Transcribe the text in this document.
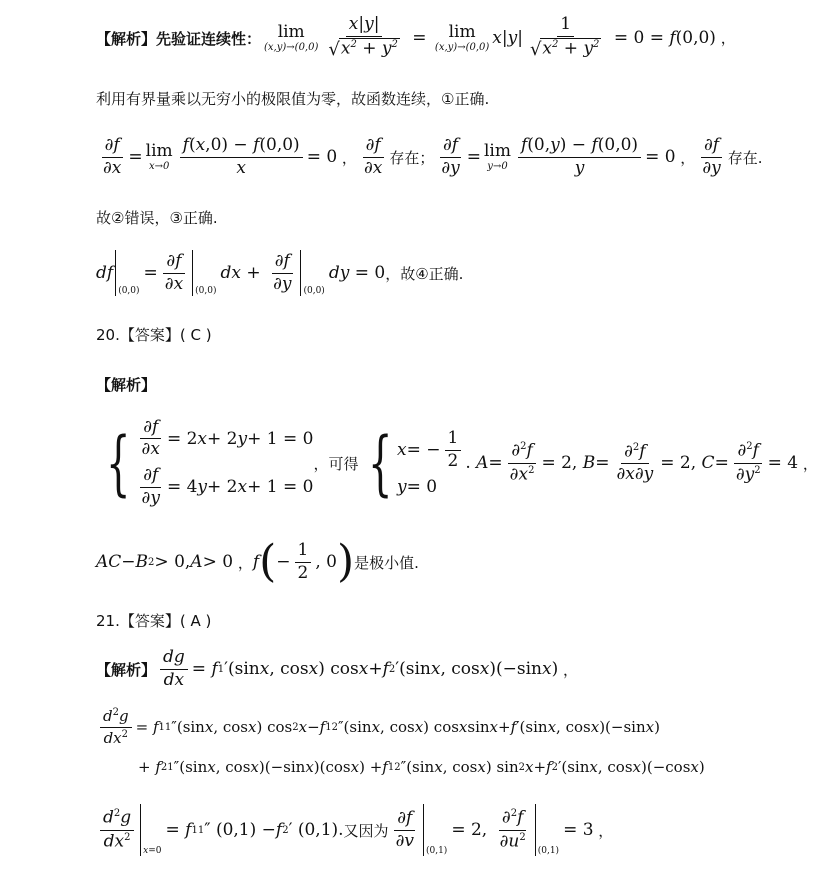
【解析】先验证连续性： lim
$(x,y)\to(0,0) \frac{x|y|}{√ x^2 + y^2} = \lim$
(x,y)→(0,0) $x|y| \frac{1}{√ x^2 + y^2} = 0 = f$ (0,0) ，
利用有界量乘以无穷小的极限值为零，故函数连续，①正确.
$\frac{\partial f}{\partial x} = \lim$
$x\to 0 \frac{f(x,0) - f(0,0)}{x} = 0$ ， $\frac{\partial f}{\partial x}$ 存在； $\frac{\partial f}{\partial y} = \lim$
$y\to 0 \frac{f(0,y) - f(0,0)}{y} = 0$ ， $\frac{\partial f}{\partial y}$ 存在.
故②错误，③正确.
df
(0,0)
= $\frac{\partial f}{\partial x} (0,0)$
dx + $\frac{\partial f}{\partial y} (0,0)$
dy = 0 ，故④正确.
20.【答案】( C )
【解析】
{ $\frac{\partial f}{\partial x} = 2$ x + 2 y + 1 = 0
$\frac{\partial f}{\partial y} = 4$ y + 2 x + 1 = 0
，可得 { x = − $\frac{1}{2}$
y = 0
. $A = \frac{\partial^2f}{\partial x^2} = 2$, $B = \frac{\partial^2f}{\partial x\partial y} = 2$, $C = \frac{\partial^2f}{\partial y^2} = 4$ ，
AC − B 2 > 0, A > 0 ， f ( − $\frac{1}{2}$ , 0 ) 是极小值.
21.【答案】( A )
【解析】 $\frac{dg}{dx} = f$ 1 ′(sin x , cos x ) cos x + f 2 ′(sin x , cos x )(−sin x ) ，
$\frac{d^2g}{dx^2} = f$ 11 ″(sin x , cos x ) cos 2 x − f 12 ″(sin x , cos x ) cos x sin x + f ′(sin x , cos x )(−sin x )
+ f 21 ″(sin x , cos x )(−sin x )(cos x ) + f 12 ″(sin x , cos x ) sin 2 x + f 2 ′(sin x , cos x )(−cos x )
$\frac{d^2g}{dx^2} x=0$
= f 11 ″ (0,1) − f 2 ′ (0,1). 又因为 $\frac{\partial f}{\partial v} (0,1)$
= 2, $\frac{\partial^2f}{\partial u^2} (0,1)$
= 3 ，
